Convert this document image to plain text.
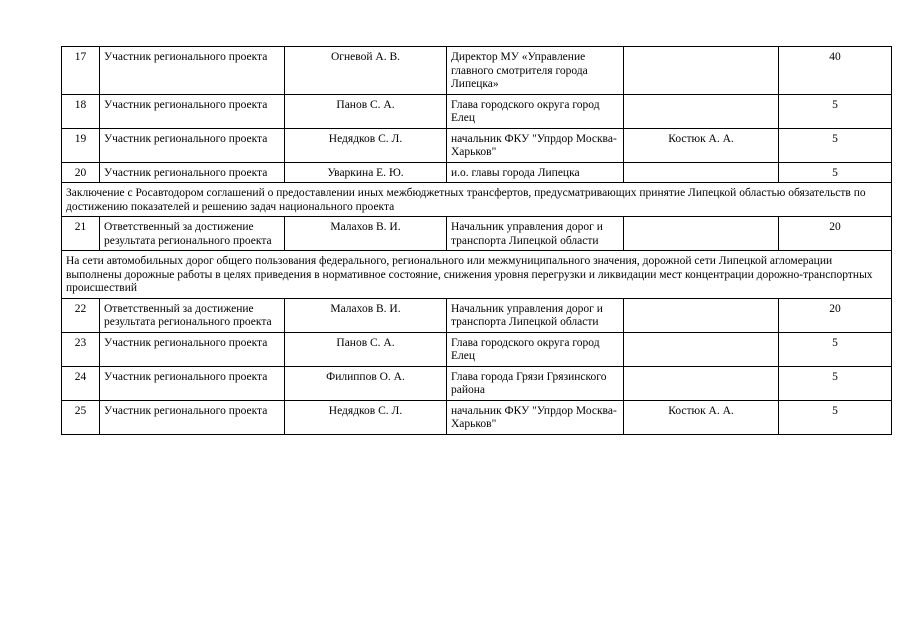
17	Участник регионального проекта	Огневой А. В.	Директор МУ «Управление главного смотрителя города Липецка»		40
18	Участник регионального проекта	Панов С. А.	Глава городского округа город Елец		5
19	Участник регионального проекта	Недядков С. Л.	начальник ФКУ "Упрдор Москва-Харьков"	Костюк А. А.	5
20	Участник регионального проекта	Уваркина Е. Ю.	и.о. главы города Липецка		5
Заключение с Росавтодором соглашений о предоставлении иных межбюджетных трансфертов, предусматривающих принятие Липецкой областью обязательств по достижению показателей и решению задач национального проекта					
21	Ответственный за достижение результата регионального проекта	Малахов В. И.	Начальник управления дорог и транспорта Липецкой области		20
На сети автомобильных дорог общего пользования федерального, регионального или межмуниципального значения, дорожной сети Липецкой агломерации выполнены дорожные работы в целях приведения в нормативное состояние, снижения уровня перегрузки и ликвидации мест концентрации дорожно-транспортных происшествий					
22	Ответственный за достижение результата регионального проекта	Малахов В. И.	Начальник управления дорог и транспорта Липецкой области		20
23	Участник регионального проекта	Панов С. А.	Глава городского округа город Елец		5
24	Участник регионального проекта	Филиппов О. А.	Глава города Грязи Грязинского района		5
25	Участник регионального проекта	Недядков С. Л.	начальник ФКУ "Упрдор Москва-Харьков"	Костюк А. А.	5
